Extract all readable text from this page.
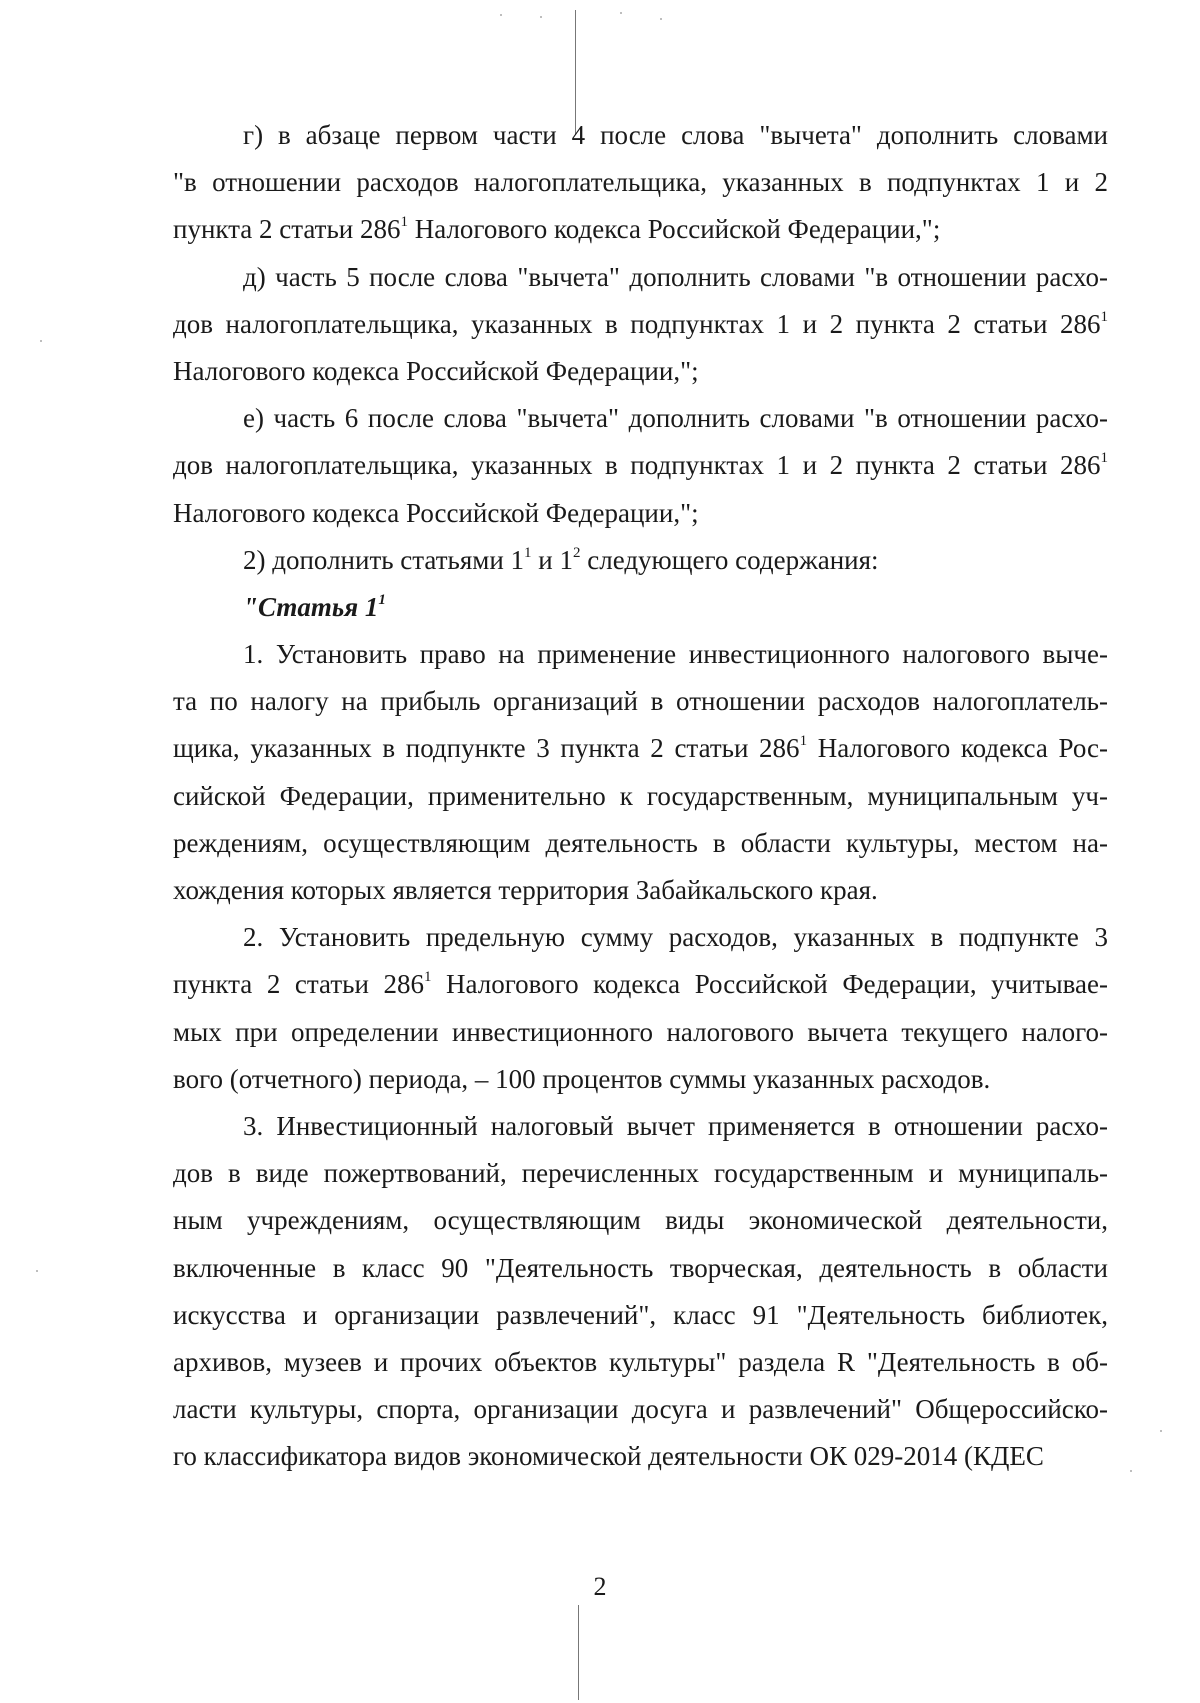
г) в абзаце первом части 4 после слова "вычета" дополнить словами
"в отношении расходов налогоплательщика, указанных в подпунктах 1 и 2
пункта 2 статьи $286^1$ Налогового кодекса Российской Федерации,";
д) часть 5 после слова "вычета" дополнить словами "в отношении расхо-
дов налогоплательщика, указанных в подпунктах 1 и 2 пункта 2 статьи $286^1$
Налогового кодекса Российской Федерации,";
е) часть 6 после слова "вычета" дополнить словами "в отношении расхо-
дов налогоплательщика, указанных в подпунктах 1 и 2 пункта 2 статьи $286^1$
Налогового кодекса Российской Федерации,";
2) дополнить статьями $1^1$ и $1^2$ следующего содержания:
"Статья $1^1$
1. Установить право на применение инвестиционного налогового выче-
та по налогу на прибыль организаций в отношении расходов налогоплатель-
щика, указанных в подпункте 3 пункта 2 статьи $286^1$ Налогового кодекса Рос-
сийской Федерации, применительно к государственным, муниципальным уч-
реждениям, осуществляющим деятельность в области культуры, местом на-
хождения которых является территория Забайкальского края.
2. Установить предельную сумму расходов, указанных в подпункте 3
пункта 2 статьи $286^1$ Налогового кодекса Российской Федерации, учитывае-
мых при определении инвестиционного налогового вычета текущего налого-
вого (отчетного) периода, – 100 процентов суммы указанных расходов.
3. Инвестиционный налоговый вычет применяется в отношении расхо-
дов в виде пожертвований, перечисленных государственным и муниципаль-
ным учреждениям, осуществляющим виды экономической деятельности,
включенные в класс 90 "Деятельность творческая, деятельность в области
искусства и организации развлечений", класс 91 "Деятельность библиотек,
архивов, музеев и прочих объектов культуры" раздела R "Деятельность в об-
ласти культуры, спорта, организации досуга и развлечений" Общероссийско-
го классификатора видов экономической деятельности ОК 029-2014 (КДЕС
2
